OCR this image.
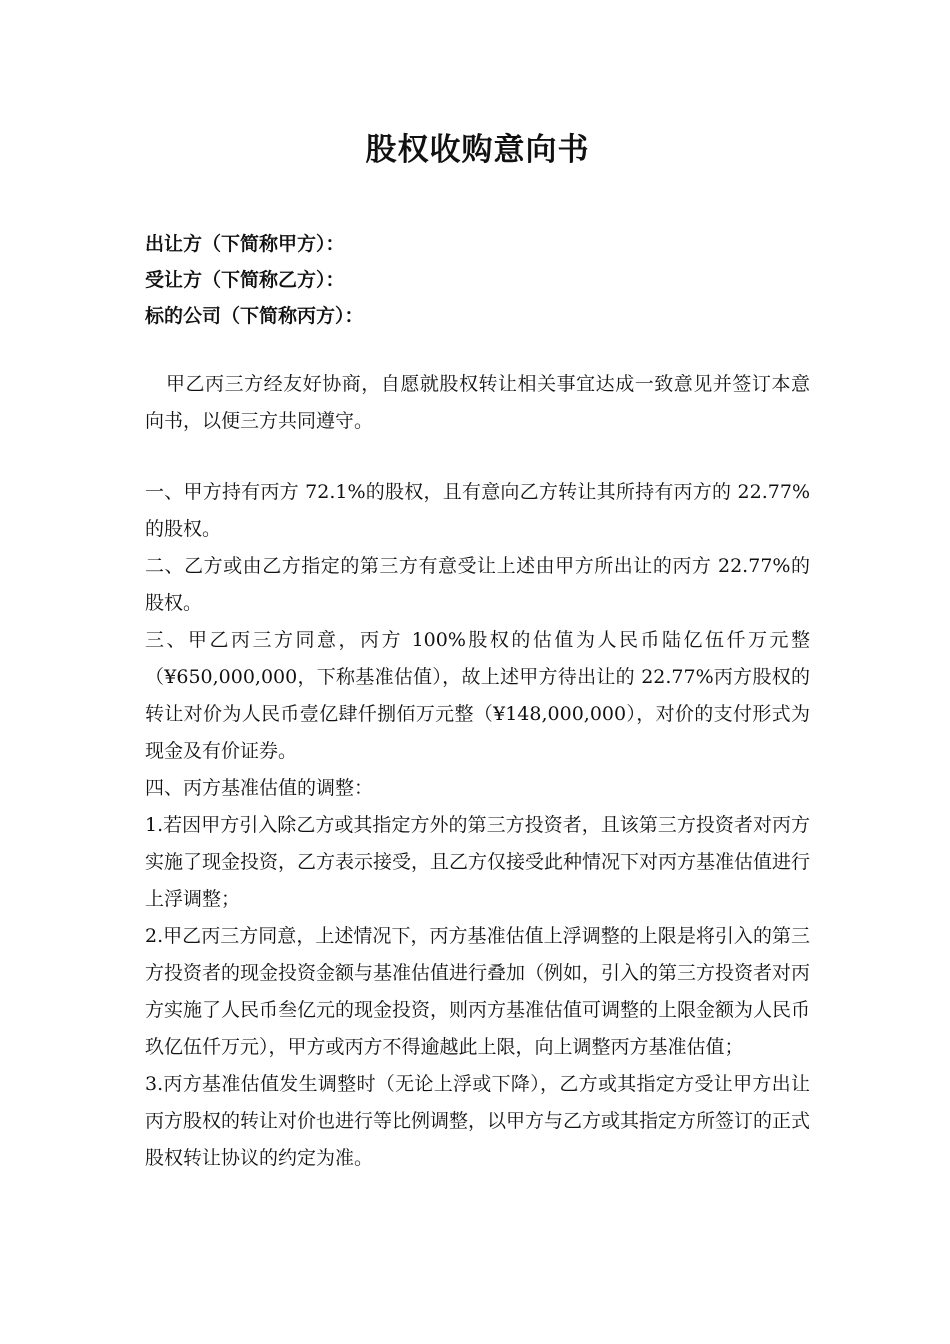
股权收购意向书
出让方（下简称甲方）：
受让方（下简称乙方）：
标的公司（下简称丙方）：
甲乙丙三方经友好协商，自愿就股权转让相关事宜达成一致意见并签订本意向书，以便三方共同遵守。

一、甲方持有丙方 72.1%的股权，且有意向乙方转让其所持有丙方的 22.77%的股权。

二、乙方或由乙方指定的第三方有意受让上述由甲方所出让的丙方 22.77%的股权。

三、甲乙丙三方同意，丙方 100%股权的估值为人民币陆亿伍仟万元整（¥650,000,000，下称基准估值），故上述甲方待出让的 22.77%丙方股权的转让对价为人民币壹亿肆仟捌佰万元整（¥148,000,000），对价的支付形式为现金及有价证券。

四、丙方基准估值的调整：

1.若因甲方引入除乙方或其指定方外的第三方投资者，且该第三方投资者对丙方实施了现金投资，乙方表示接受，且乙方仅接受此种情况下对丙方基准估值进行上浮调整；

2.甲乙丙三方同意，上述情况下，丙方基准估值上浮调整的上限是将引入的第三方投资者的现金投资金额与基准估值进行叠加（例如，引入的第三方投资者对丙方实施了人民币叁亿元的现金投资，则丙方基准估值可调整的上限金额为人民币玖亿伍仟万元），甲方或丙方不得逾越此上限，向上调整丙方基准估值；

3.丙方基准估值发生调整时（无论上浮或下降），乙方或其指定方受让甲方出让丙方股权的转让对价也进行等比例调整，以甲方与乙方或其指定方所签订的正式股权转让协议的约定为准。
